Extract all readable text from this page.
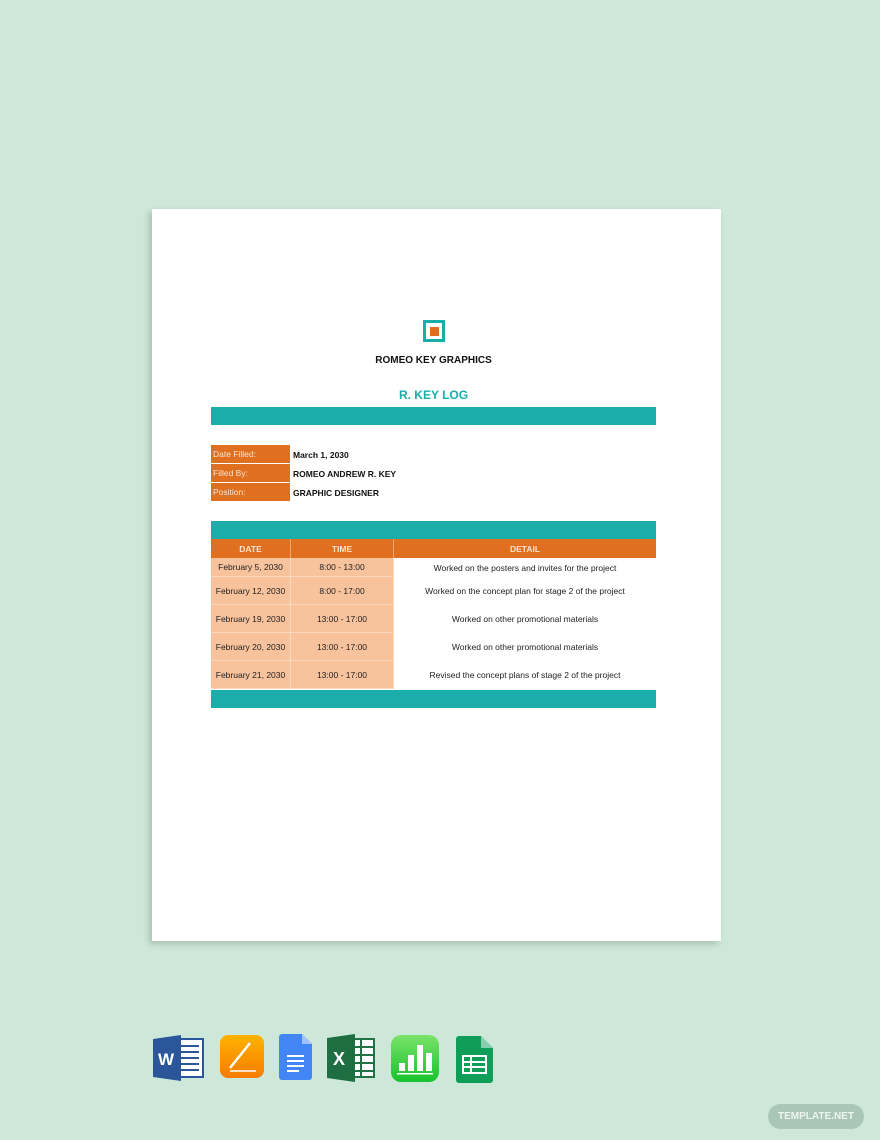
ROMEO KEY GRAPHICS
R. KEY LOG
Date Filled:	March 1, 2030
Filled By:	ROMEO ANDREW R. KEY
Position:	GRAPHIC DESIGNER
DATE	TIME	DETAIL
February 5, 2030	8:00 - 13:00	Worked on the posters and invites for the project
February 12, 2030	8:00 - 17:00	Worked on the concept plan for stage 2 of the project
February 19, 2030	13:00 - 17:00	Worked on other promotional materials
February 20, 2030	13:00 - 17:00	Worked on other promotional materials
February 21, 2030	13:00 - 17:00	Revised the concept plans of stage 2 of the project
W	X
TEMPLATE.NET
